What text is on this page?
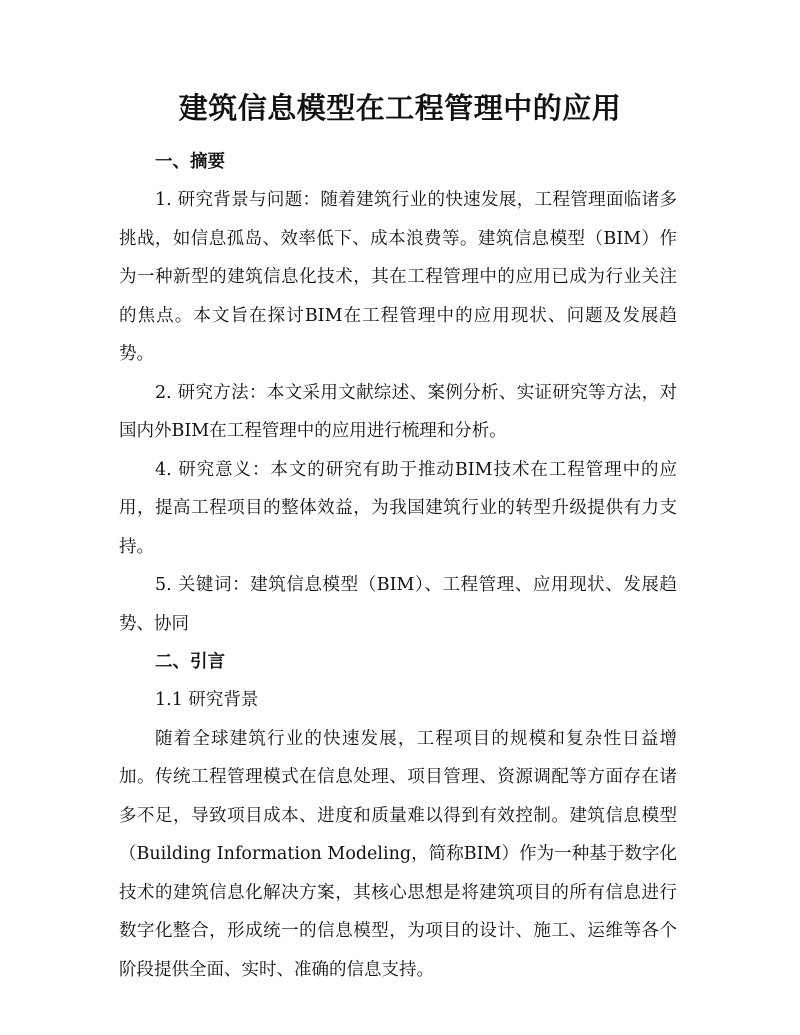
建筑信息模型在工程管理中的应用

一、摘要

1. 研究背景与问题：随着建筑行业的快速发展，工程管理面临诸多挑战，如信息孤岛、效率低下、成本浪费等。建筑信息模型（BIM）作为一种新型的建筑信息化技术，其在工程管理中的应用已成为行业关注的焦点。本文旨在探讨BIM在工程管理中的应用现状、问题及发展趋势。

2. 研究方法：本文采用文献综述、案例分析、实证研究等方法，对国内外BIM在工程管理中的应用进行梳理和分析。

4. 研究意义：本文的研究有助于推动BIM技术在工程管理中的应用，提高工程项目的整体效益，为我国建筑行业的转型升级提供有力支持。

5. 关键词：建筑信息模型（BIM）、工程管理、应用现状、发展趋势、协同

二、引言

1.1 研究背景

随着全球建筑行业的快速发展，工程项目的规模和复杂性日益增加。传统工程管理模式在信息处理、项目管理、资源调配等方面存在诸多不足，导致项目成本、进度和质量难以得到有效控制。建筑信息模型（Building Information Modeling，简称BIM）作为一种基于数字化技术的建筑信息化解决方案，其核心思想是将建筑项目的所有信息进行数字化整合，形成统一的信息模型，为项目的设计、施工、运维等各个阶段提供全面、实时、准确的信息支持。
